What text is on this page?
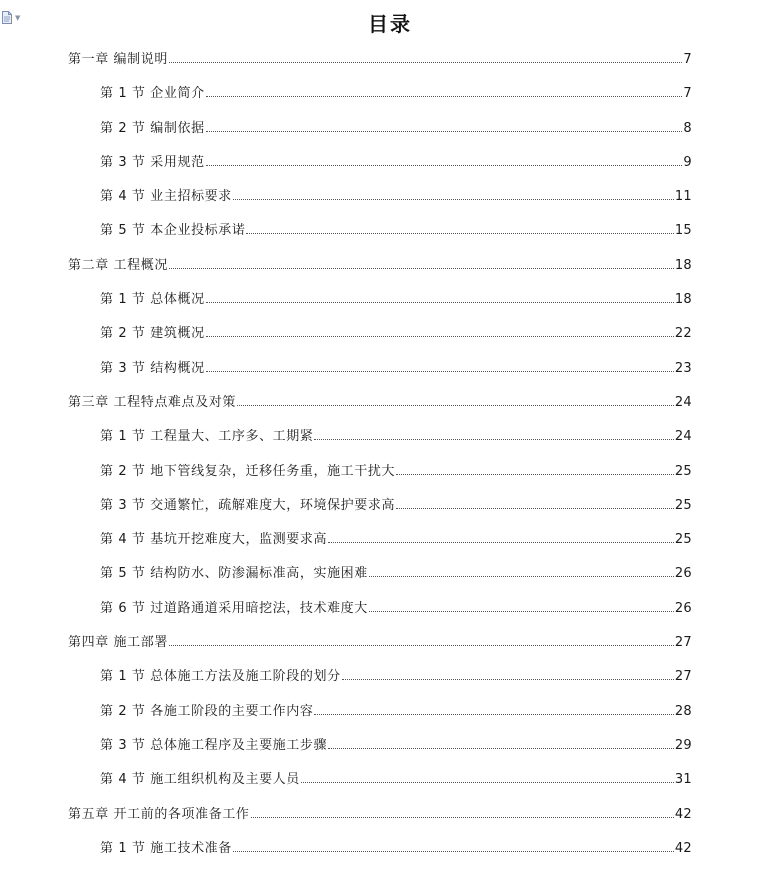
▼	目录
第一章 编制说明	7
第 1 节 企业简介	7
第 2 节 编制依据	8
第 3 节 采用规范	9
第 4 节 业主招标要求	11
第 5 节 本企业投标承诺	15
第二章 工程概况	18
第 1 节 总体概况	18
第 2 节 建筑概况	22
第 3 节 结构概况	23
第三章 工程特点难点及对策	24
第 1 节 工程量大、工序多、工期紧	24
第 2 节 地下管线复杂，迁移任务重，施工干扰大	25
第 3 节 交通繁忙，疏解难度大，环境保护要求高	25
第 4 节 基坑开挖难度大，监测要求高	25
第 5 节 结构防水、防渗漏标准高，实施困难	26
第 6 节 过道路通道采用暗挖法，技术难度大	26
第四章 施工部署	27
第 1 节 总体施工方法及施工阶段的划分	27
第 2 节 各施工阶段的主要工作内容	28
第 3 节 总体施工程序及主要施工步骤	29
第 4 节 施工组织机构及主要人员	31
第五章 开工前的各项准备工作	42
第 1 节 施工技术准备	42
